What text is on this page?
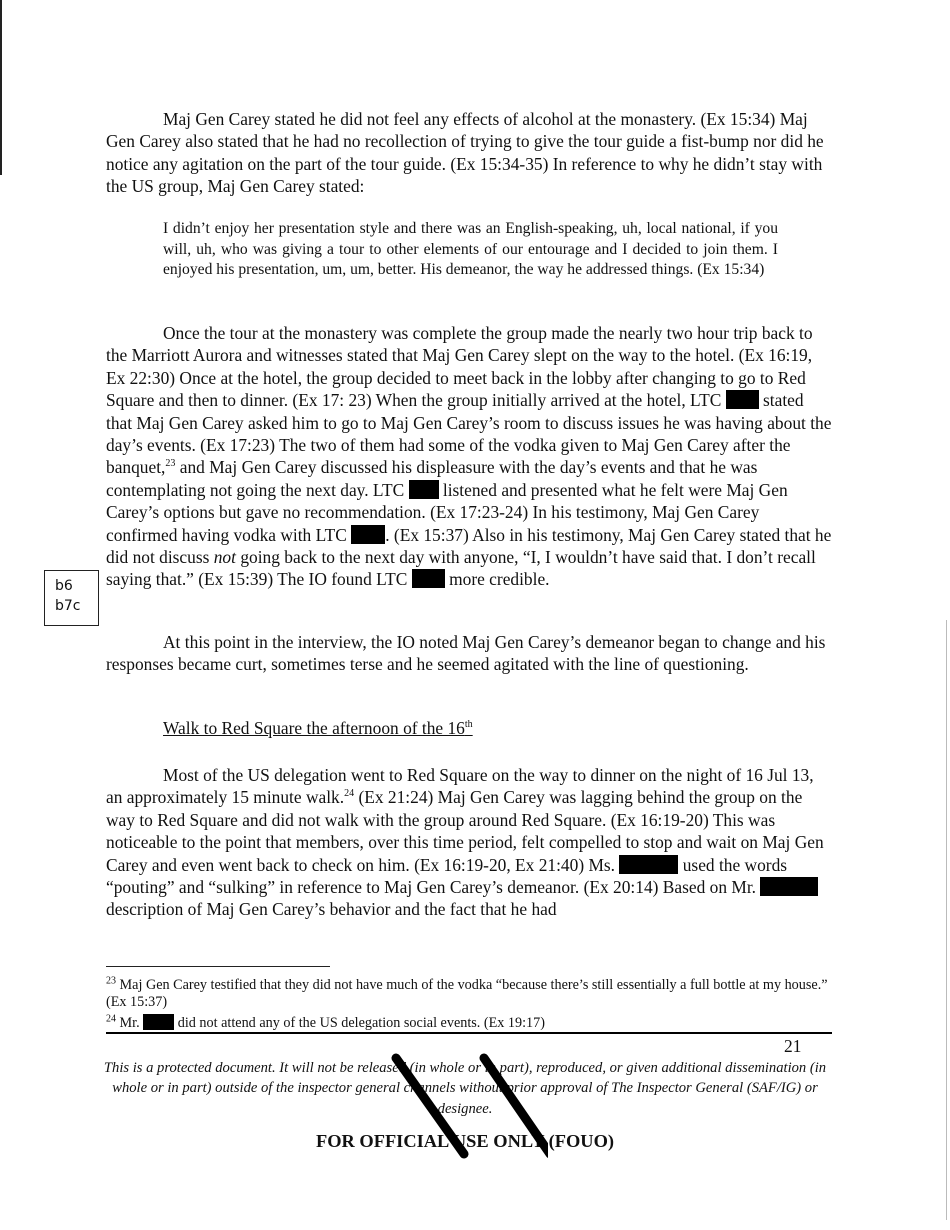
Maj Gen Carey stated he did not feel any effects of alcohol at the monastery. (Ex 15:34) Maj Gen Carey also stated that he had no recollection of trying to give the tour guide a fist-bump nor did he notice any agitation on the part of the tour guide. (Ex 15:34-35) In reference to why he didn’t stay with the US group, Maj Gen Carey stated:

I didn’t enjoy her presentation style and there was an English-speaking, uh, local national, if you will, uh, who was giving a tour to other elements of our entourage and I decided to join them. I enjoyed his presentation, um, um, better. His demeanor, the way he addressed things. (Ex 15:34)

Once the tour at the monastery was complete the group made the nearly two hour trip back to the Marriott Aurora and witnesses stated that Maj Gen Carey slept on the way to the hotel. (Ex 16:19, Ex 22:30) Once at the hotel, the group decided to meet back in the lobby after changing to go to Red Square and then to dinner. (Ex 17: 23) When the group initially arrived at the hotel, LTC  stated that Maj Gen Carey asked him to go to Maj Gen Carey’s room to discuss issues he was having about the day’s events. (Ex 17:23) The two of them had some of the vodka given to Maj Gen Carey after the banquet,$^{23}$ and Maj Gen Carey discussed his displeasure with the day’s events and that he was contemplating not going the next day. LTC  listened and presented what he felt were Maj Gen Carey’s options but gave no recommendation. (Ex 17:23-24) In his testimony, Maj Gen Carey confirmed having vodka with LTC . (Ex 15:37) Also in his testimony, Maj Gen Carey stated that he did not discuss not going back to the next day with anyone, “I, I wouldn’t have said that. I don’t recall saying that.” (Ex 15:39) The IO found LTC  more credible.

b6
b7c

At this point in the interview, the IO noted Maj Gen Carey’s demeanor began to change and his responses became curt, sometimes terse and he seemed agitated with the line of questioning.

Walk to Red Square the afternoon of the 16th

Most of the US delegation went to Red Square on the way to dinner on the night of 16 Jul 13, an approximately 15 minute walk.$^{24}$ (Ex 21:24) Maj Gen Carey was lagging behind the group on the way to Red Square and did not walk with the group around Red Square. (Ex 16:19-20) This was noticeable to the point that members, over this time period, felt compelled to stop and wait on Maj Gen Carey and even went back to check on him. (Ex 16:19-20, Ex 21:40) Ms.	used the words “pouting” and “sulking” in reference to Maj Gen Carey’s demeanor. (Ex 20:14) Based on Mr.  description of Maj Gen Carey’s behavior and the fact that he had

$^{23}$ Maj Gen Carey testified that they did not have much of the vodka “because there’s still essentially a full bottle at my house.” (Ex 15:37)

$^{24}$ Mr.  did not attend any of the US delegation social events. (Ex 19:17)

21

This is a protected document. It will not be released (in whole or in part), reproduced, or given additional dissemination (in whole or in part) outside of the inspector general channels without prior approval of The Inspector General (SAF/IG) or designee.

FOR OFFICIAL USE ONLY (FOUO)
